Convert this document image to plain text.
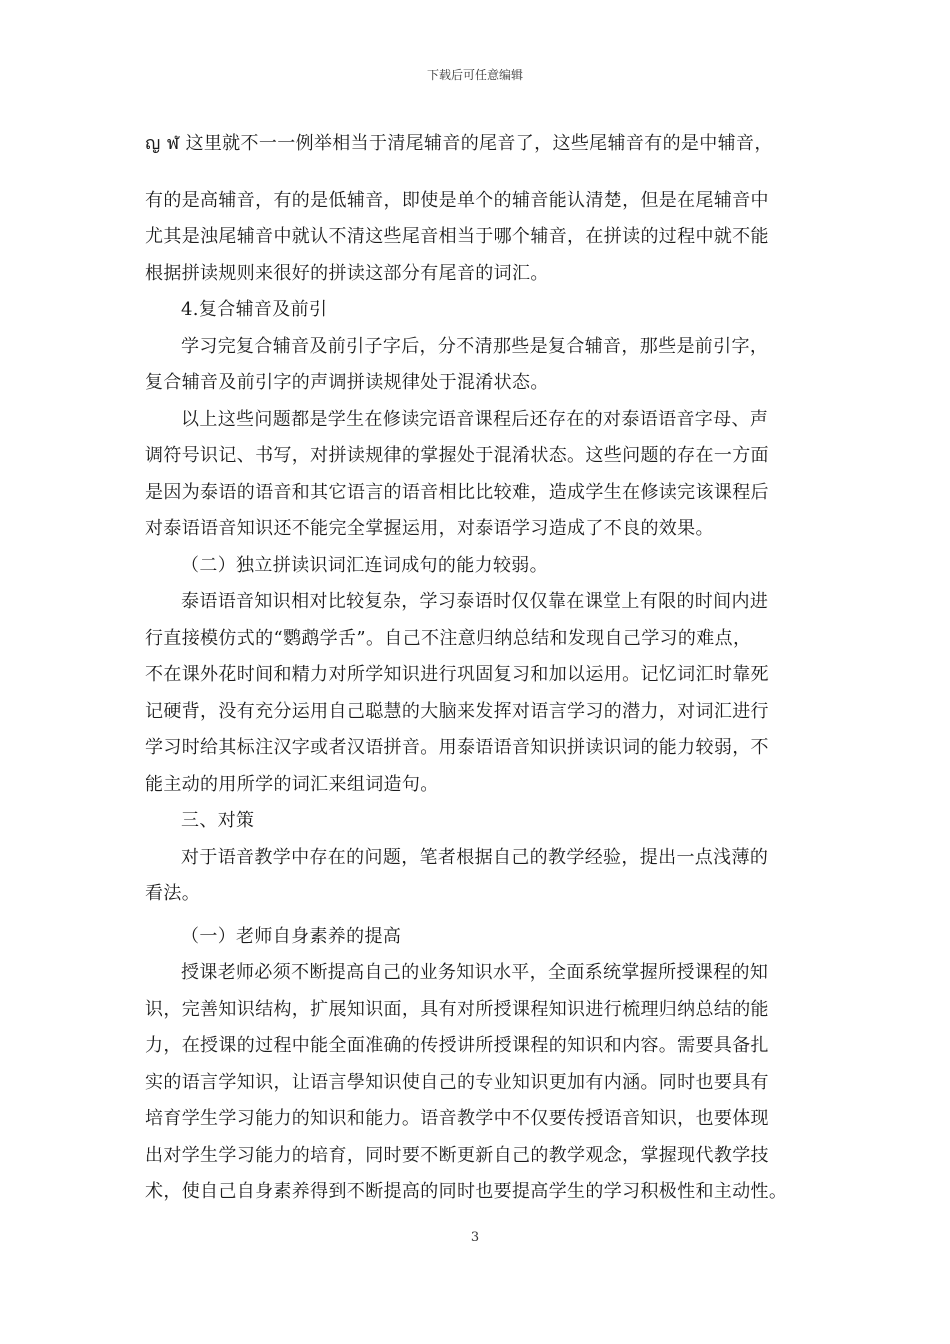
下载后可任意编辑
ญ ฬ 这里就不一一例举相当于清尾辅音的尾音了，这些尾辅音有的是中辅音，
有的是高辅音，有的是低辅音，即使是单个的辅音能认清楚，但是在尾辅音中
尤其是浊尾辅音中就认不清这些尾音相当于哪个辅音，在拼读的过程中就不能
根据拼读规则来很好的拼读这部分有尾音的词汇。
4.复合辅音及前引
学习完复合辅音及前引子字后，分不清那些是复合辅音，那些是前引字，
复合辅音及前引字的声调拼读规律处于混淆状态。
以上这些问题都是学生在修读完语音课程后还存在的对泰语语音字母、声
调符号识记、书写，对拼读规律的掌握处于混淆状态。这些问题的存在一方面
是因为泰语的语音和其它语言的语音相比比较难，造成学生在修读完该课程后
对泰语语音知识还不能完全掌握运用，对泰语学习造成了不良的效果。
（二）独立拼读识词汇连词成句的能力较弱。
泰语语音知识相对比较复杂，学习泰语时仅仅靠在课堂上有限的时间内进
行直接模仿式的“鹦鹉学舌”。自己不注意归纳总结和发现自己学习的难点，
不在课外花时间和精力对所学知识进行巩固复习和加以运用。记忆词汇时靠死
记硬背，没有充分运用自己聪慧的大脑来发挥对语言学习的潜力，对词汇进行
学习时给其标注汉字或者汉语拼音。用泰语语音知识拼读识词的能力较弱，不
能主动的用所学的词汇来组词造句。
三、对策
对于语音教学中存在的问题，笔者根据自己的教学经验，提出一点浅薄的
看法。
（一）老师自身素养的提高
授课老师必须不断提高自己的业务知识水平，全面系统掌握所授课程的知
识，完善知识结构，扩展知识面，具有对所授课程知识进行梳理归纳总结的能
力，在授课的过程中能全面准确的传授讲所授课程的知识和内容。需要具备扎
实的语言学知识，让语言學知识使自己的专业知识更加有内涵。同时也要具有
培育学生学习能力的知识和能力。语音教学中不仅要传授语音知识，也要体现
出对学生学习能力的培育，同时要不断更新自己的教学观念，掌握现代教学技
术，使自己自身素养得到不断提高的同时也要提高学生的学习积极性和主动性。
3
